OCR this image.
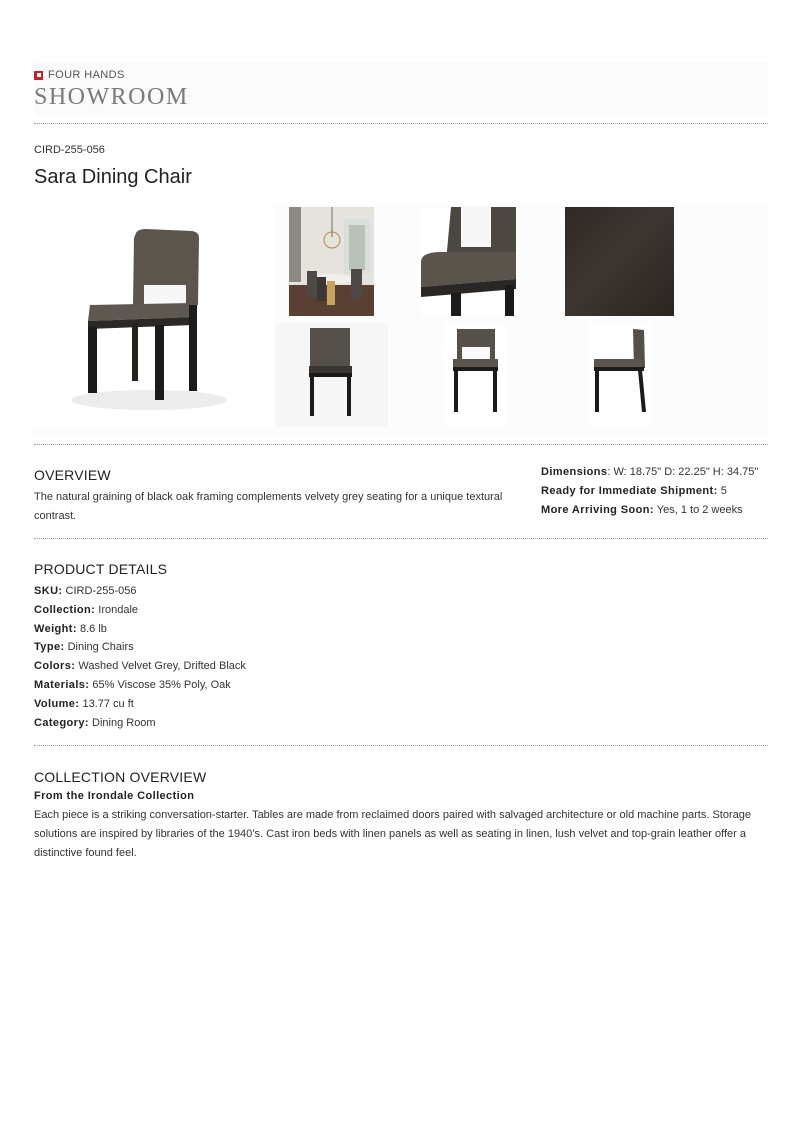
FOUR HANDS
SHOWROOM
CIRD-255-056
Sara Dining Chair
OVERVIEW
The natural graining of black oak framing complements velvety grey seating for a unique textural contrast.
Dimensions: W: 18.75" D: 22.25" H: 34.75"
Ready for Immediate Shipment: 5
More Arriving Soon: Yes, 1 to 2 weeks
PRODUCT DETAILS
SKU: CIRD-255-056
Collection: Irondale
Weight: 8.6 lb
Type: Dining Chairs
Colors: Washed Velvet Grey, Drifted Black
Materials: 65% Viscose 35% Poly, Oak
Volume: 13.77 cu ft
Category: Dining Room
COLLECTION OVERVIEW
From the Irondale Collection
Each piece is a striking conversation-starter. Tables are made from reclaimed doors paired with salvaged architecture or old machine parts. Storage solutions are inspired by libraries of the 1940’s. Cast iron beds with linen panels as well as seating in linen, lush velvet and top-grain leather offer a distinctive found feel.
